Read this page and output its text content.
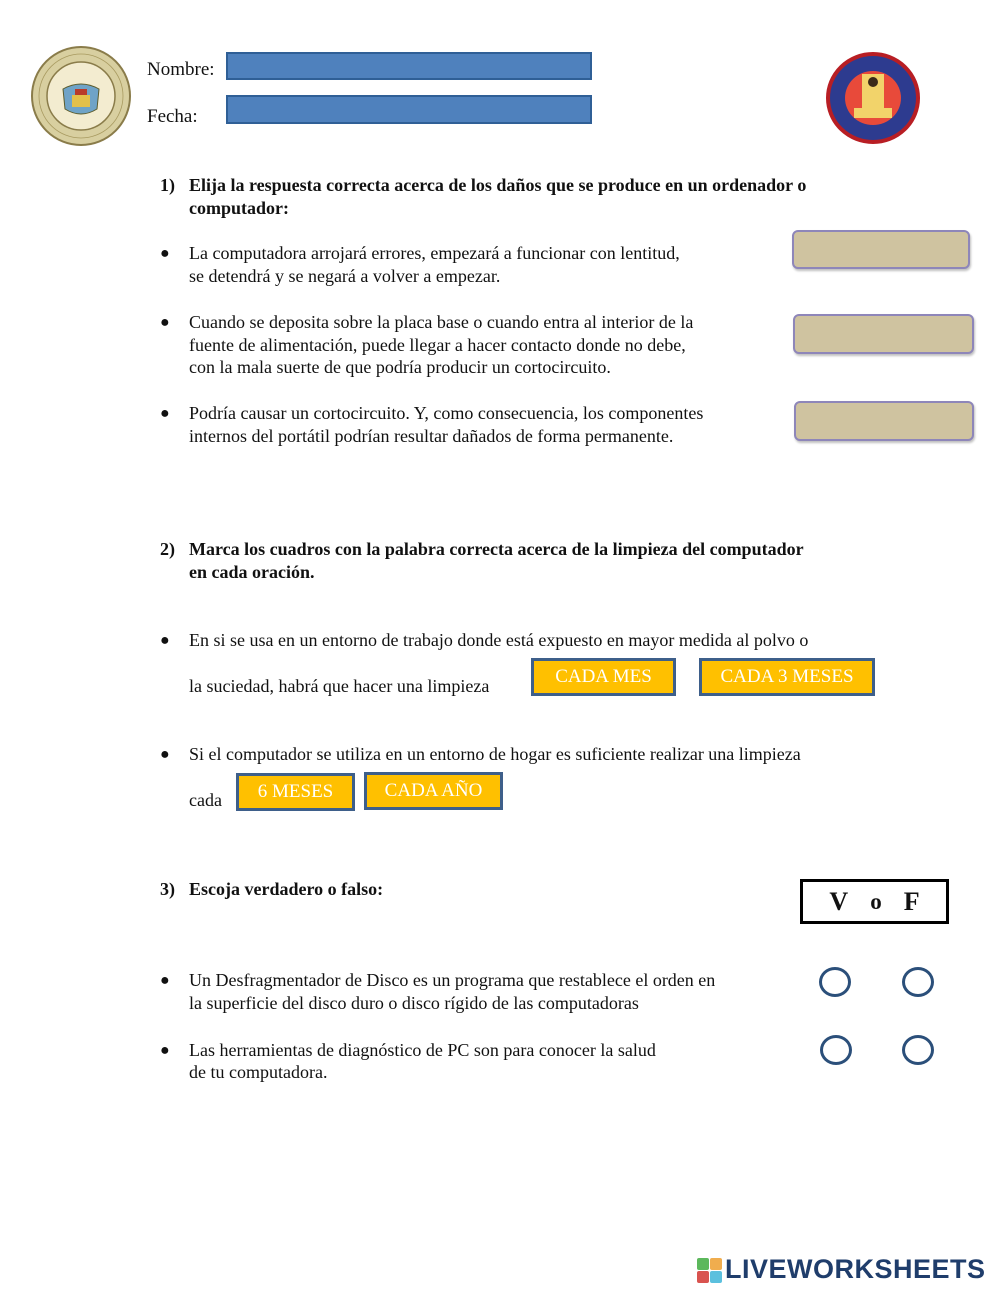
Nombre:
Fecha:
1) Elija la respuesta correcta acerca de los daños que se produce en un ordenador o
computador:
● La computadora arrojará errores, empezará a funcionar con lentitud,
se detendrá y se negará a volver a empezar.
● Cuando se deposita sobre la placa base o cuando entra al interior de la
fuente de alimentación, puede llegar a hacer contacto donde no debe,
con la mala suerte de que podría producir un cortocircuito.
● Podría causar un cortocircuito. Y, como consecuencia, los componentes
internos del portátil podrían resultar dañados de forma permanente.
2) Marca los cuadros con la palabra correcta acerca de la limpieza del computador
en cada oración.
● En si se usa en un entorno de trabajo donde está expuesto en mayor medida al polvo o
la suciedad, habrá que hacer una limpieza	CADA MES	CADA 3 MESES
● Si el computador se utiliza en un entorno de hogar es suficiente realizar una limpieza
cada	6 MESES	CADA AÑO
3) Escoja verdadero o falso:	V o F
● Un Desfragmentador de Disco es un programa que restablece el orden en
la superficie del disco duro o disco rígido de las computadoras
● Las herramientas de diagnóstico de PC son para conocer la salud
de tu computadora.
LIVEWORKSHEETS
